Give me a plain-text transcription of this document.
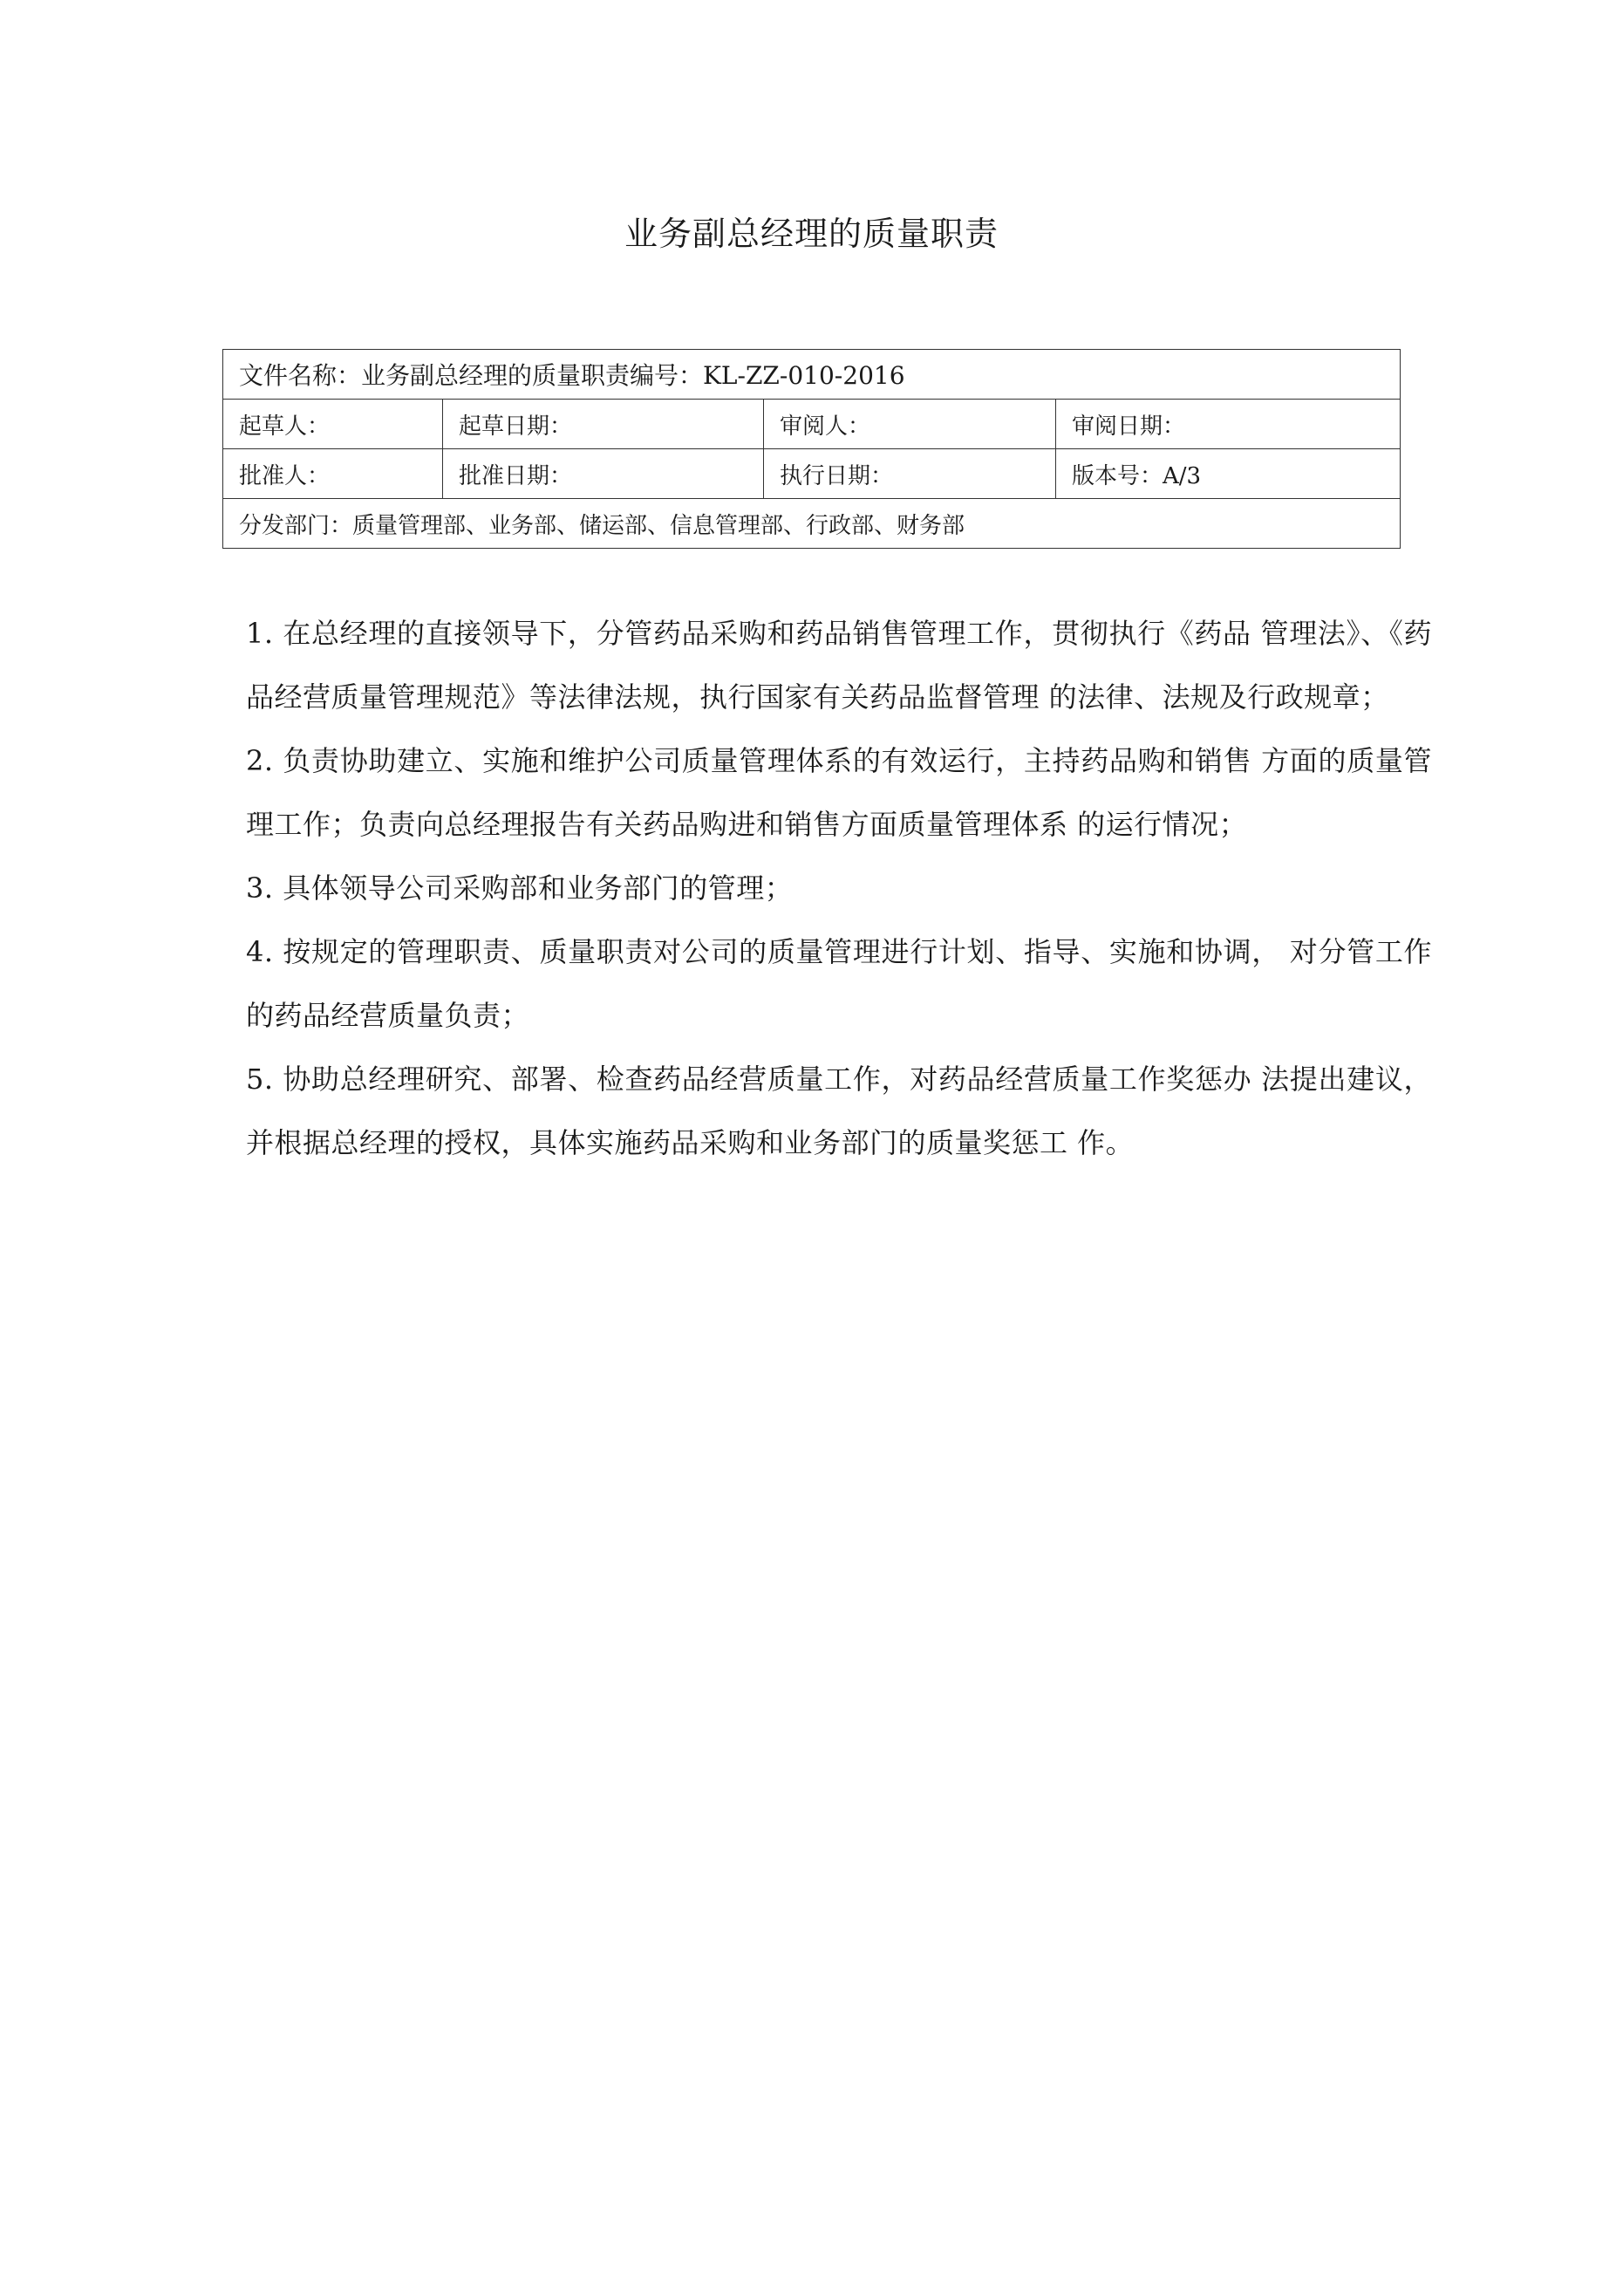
业务副总经理的质量职责
文件名称：业务副总经理的质量职责编号：KL-ZZ-010-2016			
起草人：	起草日期：	审阅人：	审阅日期：
批准人：	批准日期：	执行日期：	版本号：A/3
分发部门：质量管理部、业务部、储运部、信息管理部、行政部、财务部			

1. 在总经理的直接领导下，分管药品采购和药品销售管理工作，贯彻执行《药品 管理法》、《药品经营质量管理规范》等法律法规，执行国家有关药品监督管理 的法律、法规及行政规章；

2. 负责协助建立、实施和维护公司质量管理体系的有效运行，主持药品购和销售 方面的质量管理工作；负责向总经理报告有关药品购进和销售方面质量管理体系 的运行情况；

3. 具体领导公司采购部和业务部门的管理；

4. 按规定的管理职责、质量职责对公司的质量管理进行计划、指导、实施和协调， 对分管工作的药品经营质量负责；

5. 协助总经理研究、部署、检查药品经营质量工作，对药品经营质量工作奖惩办 法提出建议，并根据总经理的授权，具体实施药品采购和业务部门的质量奖惩工 作。
